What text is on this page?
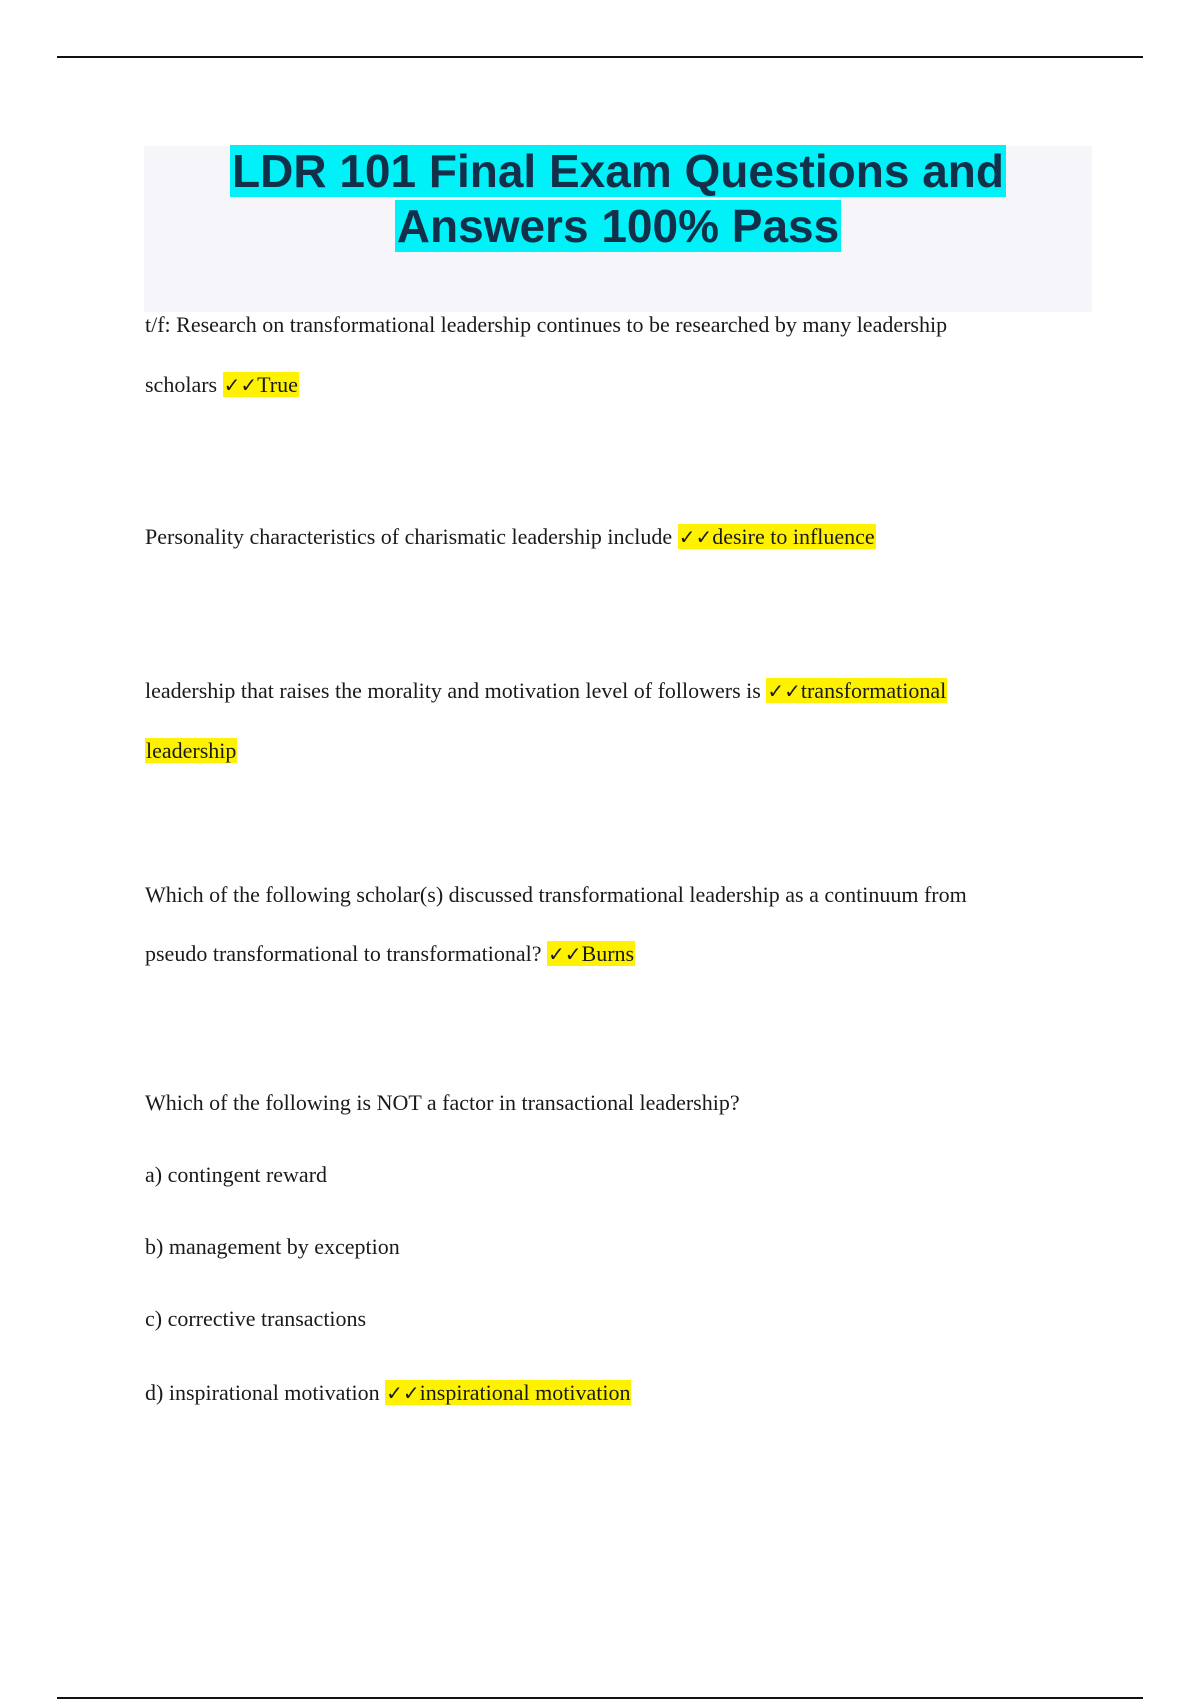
LDR 101 Final Exam Questions and
Answers 100% Pass
t/f: Research on transformational leadership continues to be researched by many leadership
scholars ✓✓True
Personality characteristics of charismatic leadership include ✓✓desire to influence
leadership that raises the morality and motivation level of followers is ✓✓transformational
leadership
Which of the following scholar(s) discussed transformational leadership as a continuum from
pseudo transformational to transformational? ✓✓Burns
Which of the following is NOT a factor in transactional leadership?
a) contingent reward
b) management by exception
c) corrective transactions
d) inspirational motivation ✓✓inspirational motivation
